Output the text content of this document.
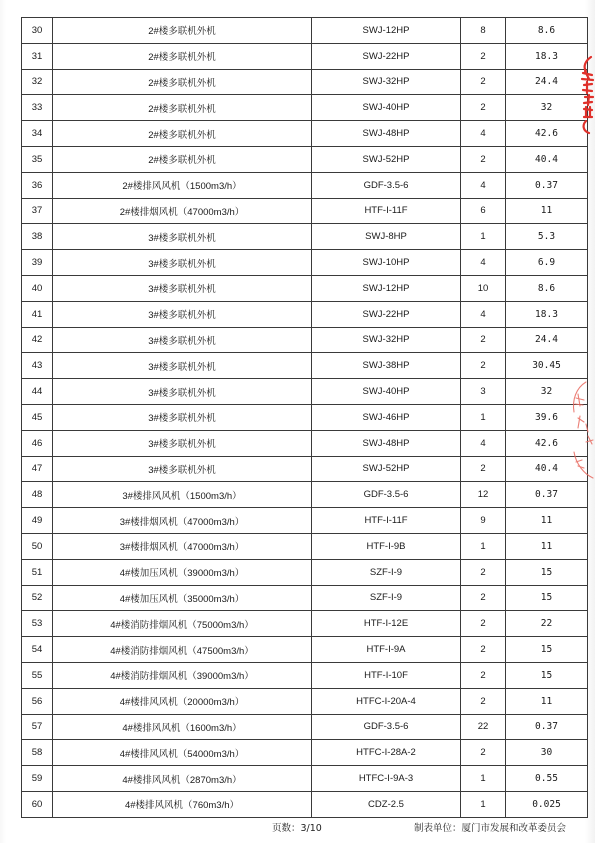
30	2#楼多联机外机	SWJ-12HP	8	8.6
31	2#楼多联机外机	SWJ-22HP	2	18.3
32	2#楼多联机外机	SWJ-32HP	2	24.4
33	2#楼多联机外机	SWJ-40HP	2	32
34	2#楼多联机外机	SWJ-48HP	4	42.6
35	2#楼多联机外机	SWJ-52HP	2	40.4
36	2#楼排风风机（1500m3/h）	GDF-3.5-6	4	0.37
37	2#楼排烟风机（47000m3/h）	HTF-I-11F	6	11
38	3#楼多联机外机	SWJ-8HP	1	5.3
39	3#楼多联机外机	SWJ-10HP	4	6.9
40	3#楼多联机外机	SWJ-12HP	10	8.6
41	3#楼多联机外机	SWJ-22HP	4	18.3
42	3#楼多联机外机	SWJ-32HP	2	24.4
43	3#楼多联机外机	SWJ-38HP	2	30.45
44	3#楼多联机外机	SWJ-40HP	3	32
45	3#楼多联机外机	SWJ-46HP	1	39.6
46	3#楼多联机外机	SWJ-48HP	4	42.6
47	3#楼多联机外机	SWJ-52HP	2	40.4
48	3#楼排风风机（1500m3/h）	GDF-3.5-6	12	0.37
49	3#楼排烟风机（47000m3/h）	HTF-I-11F	9	11
50	3#楼排烟风机（47000m3/h）	HTF-I-9B	1	11
51	4#楼加压风机（39000m3/h）	SZF-I-9	2	15
52	4#楼加压风机（35000m3/h）	SZF-I-9	2	15
53	4#楼消防排烟风机（75000m3/h）	HTF-I-12E	2	22
54	4#楼消防排烟风机（47500m3/h）	HTF-I-9A	2	15
55	4#楼消防排烟风机（39000m3/h）	HTF-I-10F	2	15
56	4#楼排风风机（20000m3/h）	HTFC-I-20A-4	2	11
57	4#楼排风风机（1600m3/h）	GDF-3.5-6	22	0.37
58	4#楼排风风机（54000m3/h）	HTFC-I-28A-2	2	30
59	4#楼排风风机（2870m3/h）	HTFC-I-9A-3	1	0.55
60	4#楼排风风机（760m3/h）	CDZ-2.5	1	0.025
页数：3/10	制表单位：厦门市发展和改革委员会
